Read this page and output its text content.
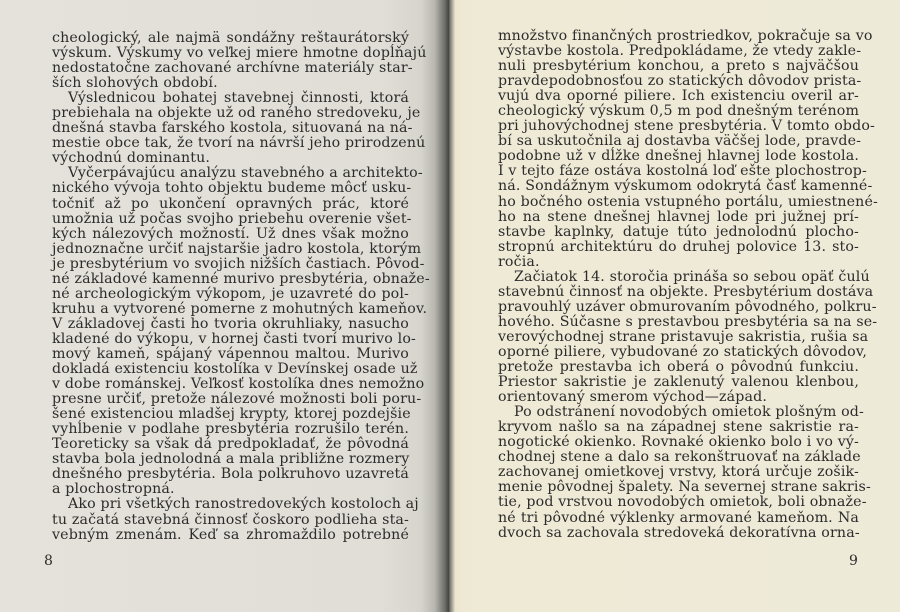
cheologický, ale najmä sondážny reštaurátorský
výskum. Výskumy vo veľkej miere hmotne dopĺňajú
nedostatočne zachované archívne materiály star-
ších slohových období.
Výslednicou bohatej stavebnej činnosti, ktorá
prebiehala na objekte už od raného stredoveku, je
dnešná stavba farského kostola, situovaná na ná-
mestie obce tak, že tvorí na návrší jeho prirodzenú
východnú dominantu.
Vyčerpávajúcu analýzu stavebného a architekto-
nického vývoja tohto objektu budeme môcť usku-
točniť až po ukončení opravných prác, ktoré
umožnia už počas svojho priebehu overenie všet-
kých nálezových možností. Už dnes však možno
jednoznačne určiť najstaršie jadro kostola, ktorým
je presbytérium vo svojich nižších častiach. Pôvod-
né základové kamenné murivo presbytéria, obnaže-
né archeologickým výkopom, je uzavreté do pol-
kruhu a vytvorené pomerne z mohutných kameňov.
V základovej časti ho tvoria okruhliaky, nasucho
kladené do výkopu, v hornej časti tvorí murivo lo-
mový kameň, spájaný vápennou maltou. Murivo
dokladá existenciu kostolíka v Devínskej osade už
v dobe románskej. Veľkosť kostolíka dnes nemožno
presne určiť, pretože nálezové možnosti boli poru-
šené existenciou mladšej krypty, ktorej pozdejšie
vyhĺbenie v podlahe presbytéria rozrušilo terén.
Teoreticky sa však dá predpokladať, že pôvodná
stavba bola jednolodná a mala približne rozmery
dnešného presbytéria. Bola polkruhovo uzavretá
a plochostropná.
Ako pri všetkých ranostredovekých kostoloch aj
tu začatá stavebná činnosť čoskoro podlieha sta-
vebným zmenám. Keď sa zhromaždilo potrebné
8
množstvo finančných prostriedkov, pokračuje sa vo
výstavbe kostola. Predpokládame, že vtedy zakle-
nuli presbytérium konchou, a preto s najväčšou
pravdepodobnosťou zo statických dôvodov prista-
vujú dva oporné piliere. Ich existenciu overil ar-
cheologický výskum 0,5 m pod dnešným terénom
pri juhovýchodnej stene presbytéria. V tomto obdo-
bí sa uskutočnila aj dostavba väčšej lode, pravde-
podobne už v dĺžke dnešnej hlavnej lode kostola.
I v tejto fáze ostáva kostolná loď ešte plochostrop-
ná. Sondážnym výskumom odokrytá časť kamenné-
ho bočného ostenia vstupného portálu, umiestnené-
ho na stene dnešnej hlavnej lode pri južnej prí-
stavbe kaplnky, datuje túto jednolodnú plocho-
stropnú architektúru do druhej polovice 13. sto-
ročia.
Začiatok 14. storočia prináša so sebou opäť čulú
stavebnú činnosť na objekte. Presbytérium dostáva
pravouhlý uzáver obmurovaním pôvodného, polkru-
hového. Súčasne s prestavbou presbytéria sa na se-
verovýchodnej strane pristavuje sakristia, rušia sa
oporné piliere, vybudované zo statických dôvodov,
pretože prestavba ich oberá o pôvodnú funkciu.
Priestor sakristie je zaklenutý valenou klenbou,
orientovaný smerom východ—západ.
Po odstránení novodobých omietok plošným od-
kryvom našlo sa na západnej stene sakristie ra-
nogotické okienko. Rovnaké okienko bolo i vo vý-
chodnej stene a dalo sa rekonštruovať na základe
zachovanej omietkovej vrstvy, ktorá určuje zošik-
menie pôvodnej špalety. Na severnej strane sakris-
tie, pod vrstvou novodobých omietok, boli obnaže-
né tri pôvodné výklenky armované kameňom. Na
dvoch sa zachovala stredoveká dekoratívna orna-
9
